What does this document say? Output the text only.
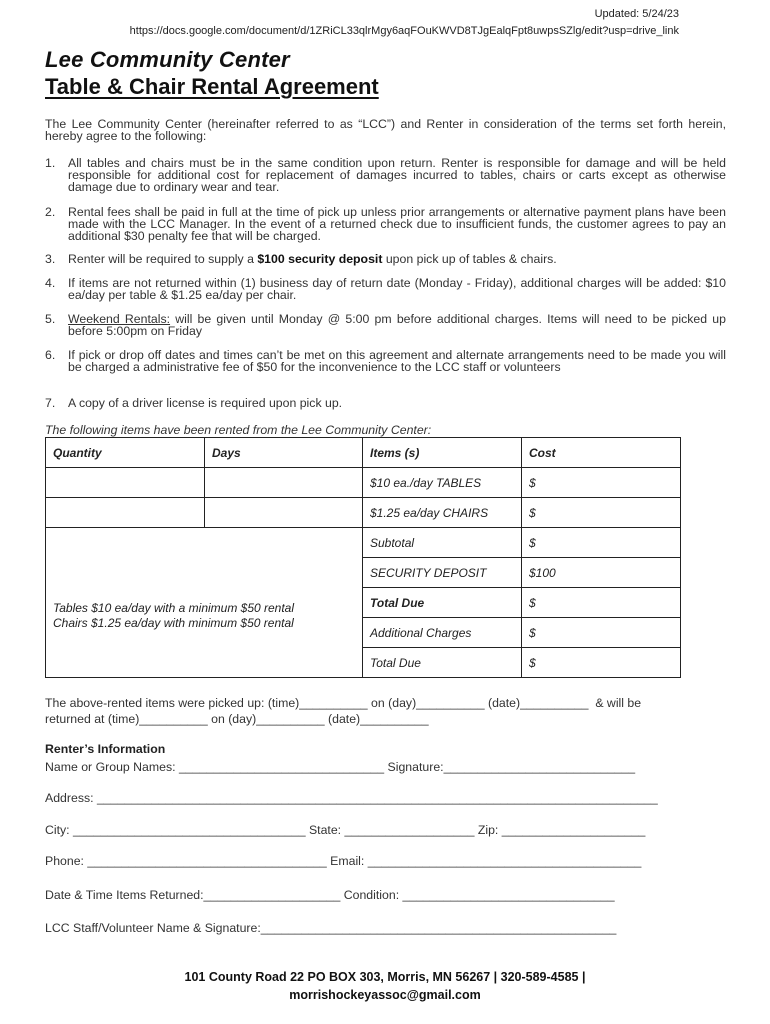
Updated: 5/24/23
https://docs.google.com/document/d/1ZRiCL33qlrMgy6aqFOuKWVD8TJgEalqFpt8uwpsSZlg/edit?usp=drive_link
Lee Community Center
Table & Chair Rental Agreement
The Lee Community Center (hereinafter referred to as “LCC”) and Renter in consideration of the terms set forth herein, hereby agree to the following:
1. All tables and chairs must be in the same condition upon return. Renter is responsible for damage and will be held responsible for additional cost for replacement of damages incurred to tables, chairs or carts except as otherwise damage due to ordinary wear and tear.
2. Rental fees shall be paid in full at the time of pick up unless prior arrangements or alternative payment plans have been made with the LCC Manager. In the event of a returned check due to insufficient funds, the customer agrees to pay an additional $30 penalty fee that will be charged.
3. Renter will be required to supply a $100 security deposit upon pick up of tables & chairs.
4. If items are not returned within (1) business day of return date (Monday - Friday), additional charges will be added: $10 ea/day per table & $1.25 ea/day per chair.
5. Weekend Rentals: will be given until Monday @ 5:00 pm before additional charges. Items will need to be picked up before 5:00pm on Friday
6. If pick or drop off dates and times can’t be met on this agreement and alternate arrangements need to be made you will be charged a administrative fee of $50 for the inconvenience to the LCC staff or volunteers
7. A copy of a driver license is required upon pick up.
The following items have been rented from the Lee Community Center:
Quantity	Days	Items (s)	Cost
		$10 ea./day TABLES	$
		$1.25 ea/day CHAIRS	$

Tables $10 ea/day with a minimum $50 rental
Chairs $1.25 ea/day with minimum $50 rental		Subtotal	$
		SECURITY DEPOSIT	$100
		Total Due	$
		Additional Charges	$
		Total Due	$
The above-rented items were picked up: (time)__________ on (day)__________ (date)__________  & will be
returned at (time)__________ on (day)__________ (date)__________
Renter’s Information
Name or Group Names: ______________________________ Signature:____________________________
Address: __________________________________________________________________________________
City: __________________________________ State: ___________________ Zip: _____________________
Phone: ___________________________________ Email: ________________________________________
Date & Time Items Returned:____________________ Condition: _______________________________
LCC Staff/Volunteer Name & Signature:____________________________________________________
101 County Road 22 PO BOX 303, Morris, MN 56267 | 320-589-4585 |
morrishockeyassoc@gmail.com
